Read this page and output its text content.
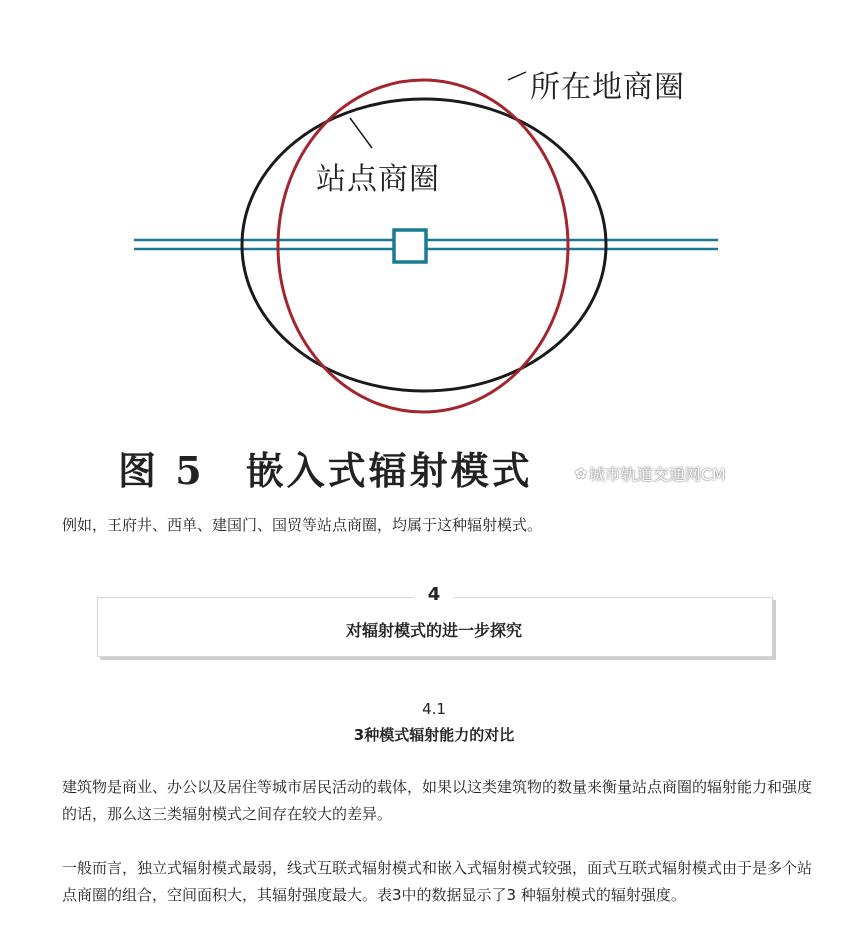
所在地商圈
站点商圈
图 5　嵌入式辐射模式	✿ 城市轨道交通网CM
例如，王府井、西单、建国门、国贸等站点商圈，均属于这种辐射模式。
4
对辐射模式的进一步探究
4.1
3种模式辐射能力的对比
建筑物是商业、办公以及居住等城市居民活动的载体，如果以这类建筑物的数量来衡量站点商圈的辐射能力和强度的话，那么这三类辐射模式之间存在较大的差异。
一般而言，独立式辐射模式最弱，线式互联式辐射模式和嵌入式辐射模式较强，面式互联式辐射模式由于是多个站点商圈的组合，空间面积大，其辐射强度最大。表3中的数据显示了3 种辐射模式的辐射强度。
